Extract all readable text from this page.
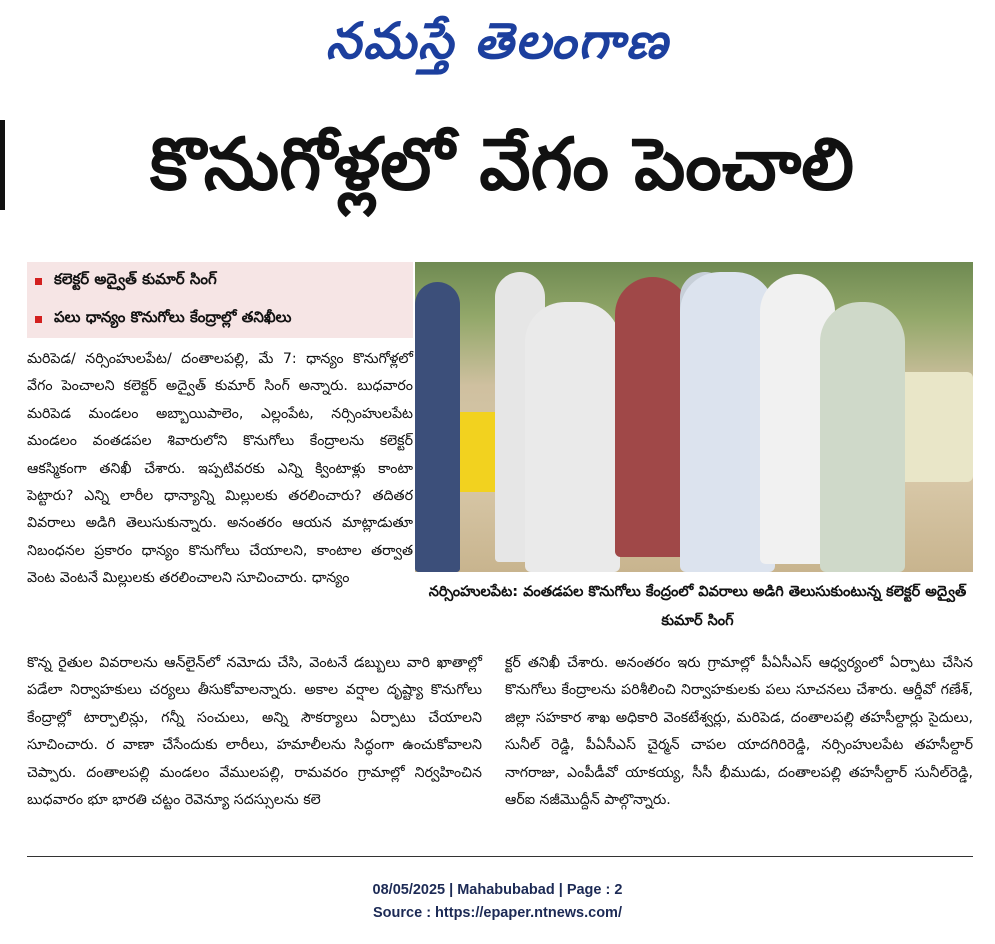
నమస్తే తెలంగాణ
కొనుగోళ్లలో వేగం పెంచాలి
కలెక్టర్ అద్వైత్ కుమార్ సింగ్
పలు ధాన్యం కొనుగోలు కేంద్రాల్లో తనిఖీలు
నర్సింహులపేట: వంతడపల కొనుగోలు కేంద్రంలో వివరాలు అడిగి తెలుసుకుంటున్న కలెక్టర్ అద్వైత్ కుమార్ సింగ్

మరిపెడ/ నర్సింహులపేట/ దంతాలపల్లి, మే 7: ధాన్యం కొనుగోళ్లలో వేగం పెంచాలని కలెక్టర్ అద్వైత్ కుమార్ సింగ్ అన్నారు. బుధవారం మరిపెడ మండలం అబ్బాయిపాలెం, ఎల్లంపేట, నర్సింహులపేట మండలం వంతడపల శివారులోని కొనుగోలు కేంద్రాలను కలెక్టర్ ఆకస్మికంగా తనిఖీ చేశారు. ఇప్పటివరకు ఎన్ని క్వింటాళ్లు కాంటా పెట్టారు? ఎన్ని లారీల ధాన్యాన్ని మిల్లులకు తరలించారు? తదితర వివరాలు అడిగి తెలుసుకున్నారు. అనంతరం ఆయన మాట్లాడుతూ నిబంధనల ప్రకారం ధాన్యం కొనుగోలు చేయాలని, కాంటాల తర్వాత వెంట వెంటనే మిల్లులకు తరలించాలని సూచించారు. ధాన్యం

కొన్న రైతుల వివరాలను ఆన్‌లైన్‌లో నమోదు చేసి, వెంటనే డబ్బులు వారి ఖాతాల్లో పడేలా నిర్వాహకులు చర్యలు తీసుకోవాలన్నారు. అకాల వర్షాల దృష్ట్యా కొనుగోలు కేంద్రాల్లో టార్పాలిన్లు, గన్నీ సంచులు, అన్ని సౌకర్యాలు ఏర్పాటు చేయాలని సూచించారు. ర వాణా చేసేందుకు లారీలు, హమాలీలను సిద్ధంగా ఉంచుకోవాలని చెప్పారు. దంతాలపల్లి మండలం వేములపల్లి, రామవరం గ్రామాల్లో నిర్వహించిన బుధవారం భూ భారతి చట్టం రెవెన్యూ సదస్సులను కలె

క్టర్ తనిఖీ చేశారు. అనంతరం ఇరు గ్రామాల్లో పీఏసీఎస్ ఆధ్వర్యంలో ఏర్పాటు చేసిన కొనుగోలు కేంద్రాలను పరిశీలించి నిర్వాహకులకు పలు సూచనలు చేశారు. ఆర్డీవో గణేశ్, జిల్లా సహకార శాఖ అధికారి వెంకటేశ్వర్లు, మరిపెడ, దంతాలపల్లి తహసీల్దార్లు సైదులు, సునీల్ రెడ్డి, పీఏసీఎస్ చైర్మన్ చాపల యాదగిరిరెడ్డి, నర్సింహులపేట తహసీల్దార్ నాగరాజు, ఎంపీడీవో యాకయ్య, సీసీ భీముడు, దంతాలపల్లి తహసీల్దార్ సునీల్‌రెడ్డి, ఆర్‌ఐ నజీమొద్దీన్ పాల్గొన్నారు.

08/05/2025 | Mahabubabad | Page : 2
Source : https://epaper.ntnews.com/
